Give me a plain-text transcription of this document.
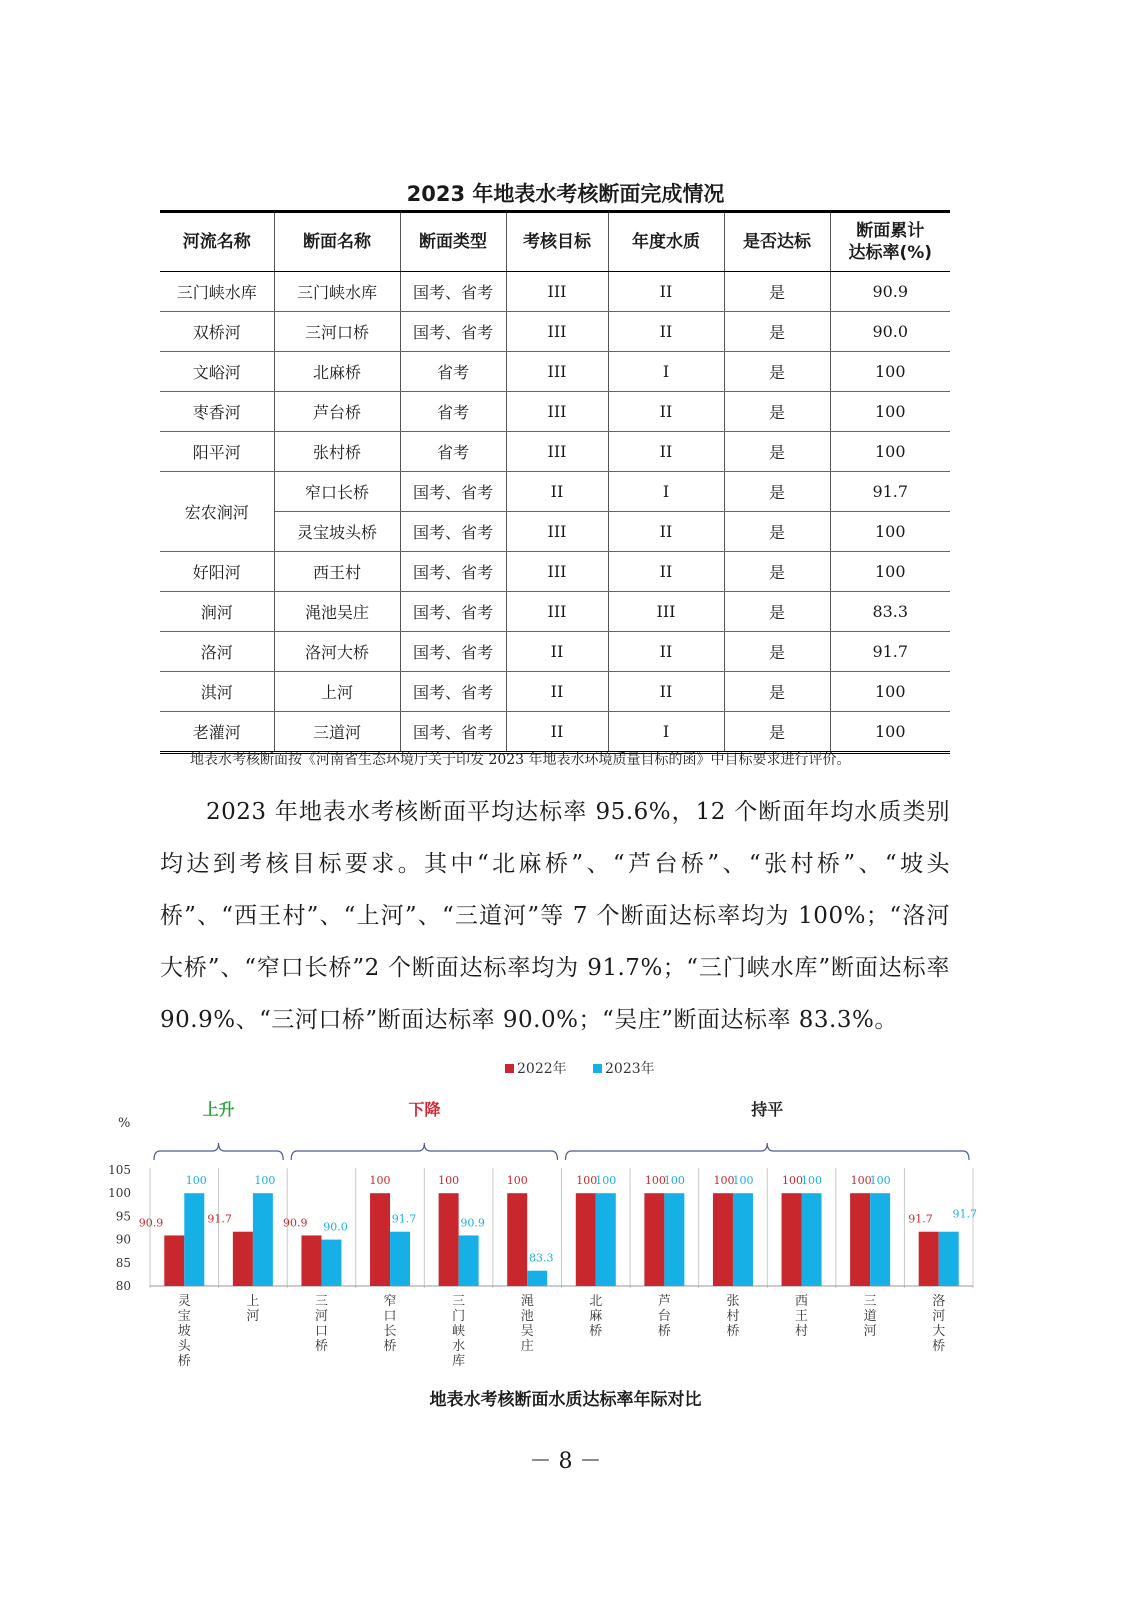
2023 年地表水考核断面完成情况
河流名称	断面名称	断面类型	考核目标	年度水质	是否达标	断面累计
达标率(%)
三门峡水库	三门峡水库	国考、省考	III	II	是	90.9
双桥河	三河口桥	国考、省考	III	II	是	90.0
文峪河	北麻桥	省考	III	I	是	100
枣香河	芦台桥	省考	III	II	是	100
阳平河	张村桥	省考	III	II	是	100
宏农涧河	窄口长桥	国考、省考	II	I	是	91.7
	灵宝坡头桥	国考、省考	III	II	是	100
好阳河	西王村	国考、省考	III	II	是	100
涧河	渑池吴庄	国考、省考	III	III	是	83.3
洛河	洛河大桥	国考、省考	II	II	是	91.7
淇河	上河	国考、省考	II	II	是	100
老灌河	三道河	国考、省考	II	I	是	100
地表水考核断面按《河南省生态环境厅关于印发 2023 年地表水环境质量目标的函》中目标要求进行评价。

2023 年地表水考核断面平均达标率 95.6%，12 个断面年均水质类别均达到考核目标要求。其中“北麻桥”、“芦台桥”、“张村桥”、“坡头桥”、“西王村”、“上河”、“三道河”等 7 个断面达标率均为 100%；“洛河大桥”、“窄口长桥”2 个断面达标率均为 91.7%；“三门峡水库”断面达标率 90.9%、“三河口桥”断面达标率 90.0%；“吴庄”断面达标率 83.3%。

2022年	2023年
%
80
85
90
95
100
105
90.9
100
灵
宝
坡
头
桥
91.7
100
上
河
90.9 90.0
三
河
口
桥
100
91.7
窄
口
长
桥
100
90.9
三
门
峡
水
库
100
83.3
渑
池
吴
庄
100
100
北
麻
桥
100
100
芦
台
桥
100
100
张
村
桥
100
100
西
王
村
100
100
三
道
河
91.7 91.7
洛
河
大
桥
上升	下降	持平
地表水考核断面水质达标率年际对比
－ 8 －
